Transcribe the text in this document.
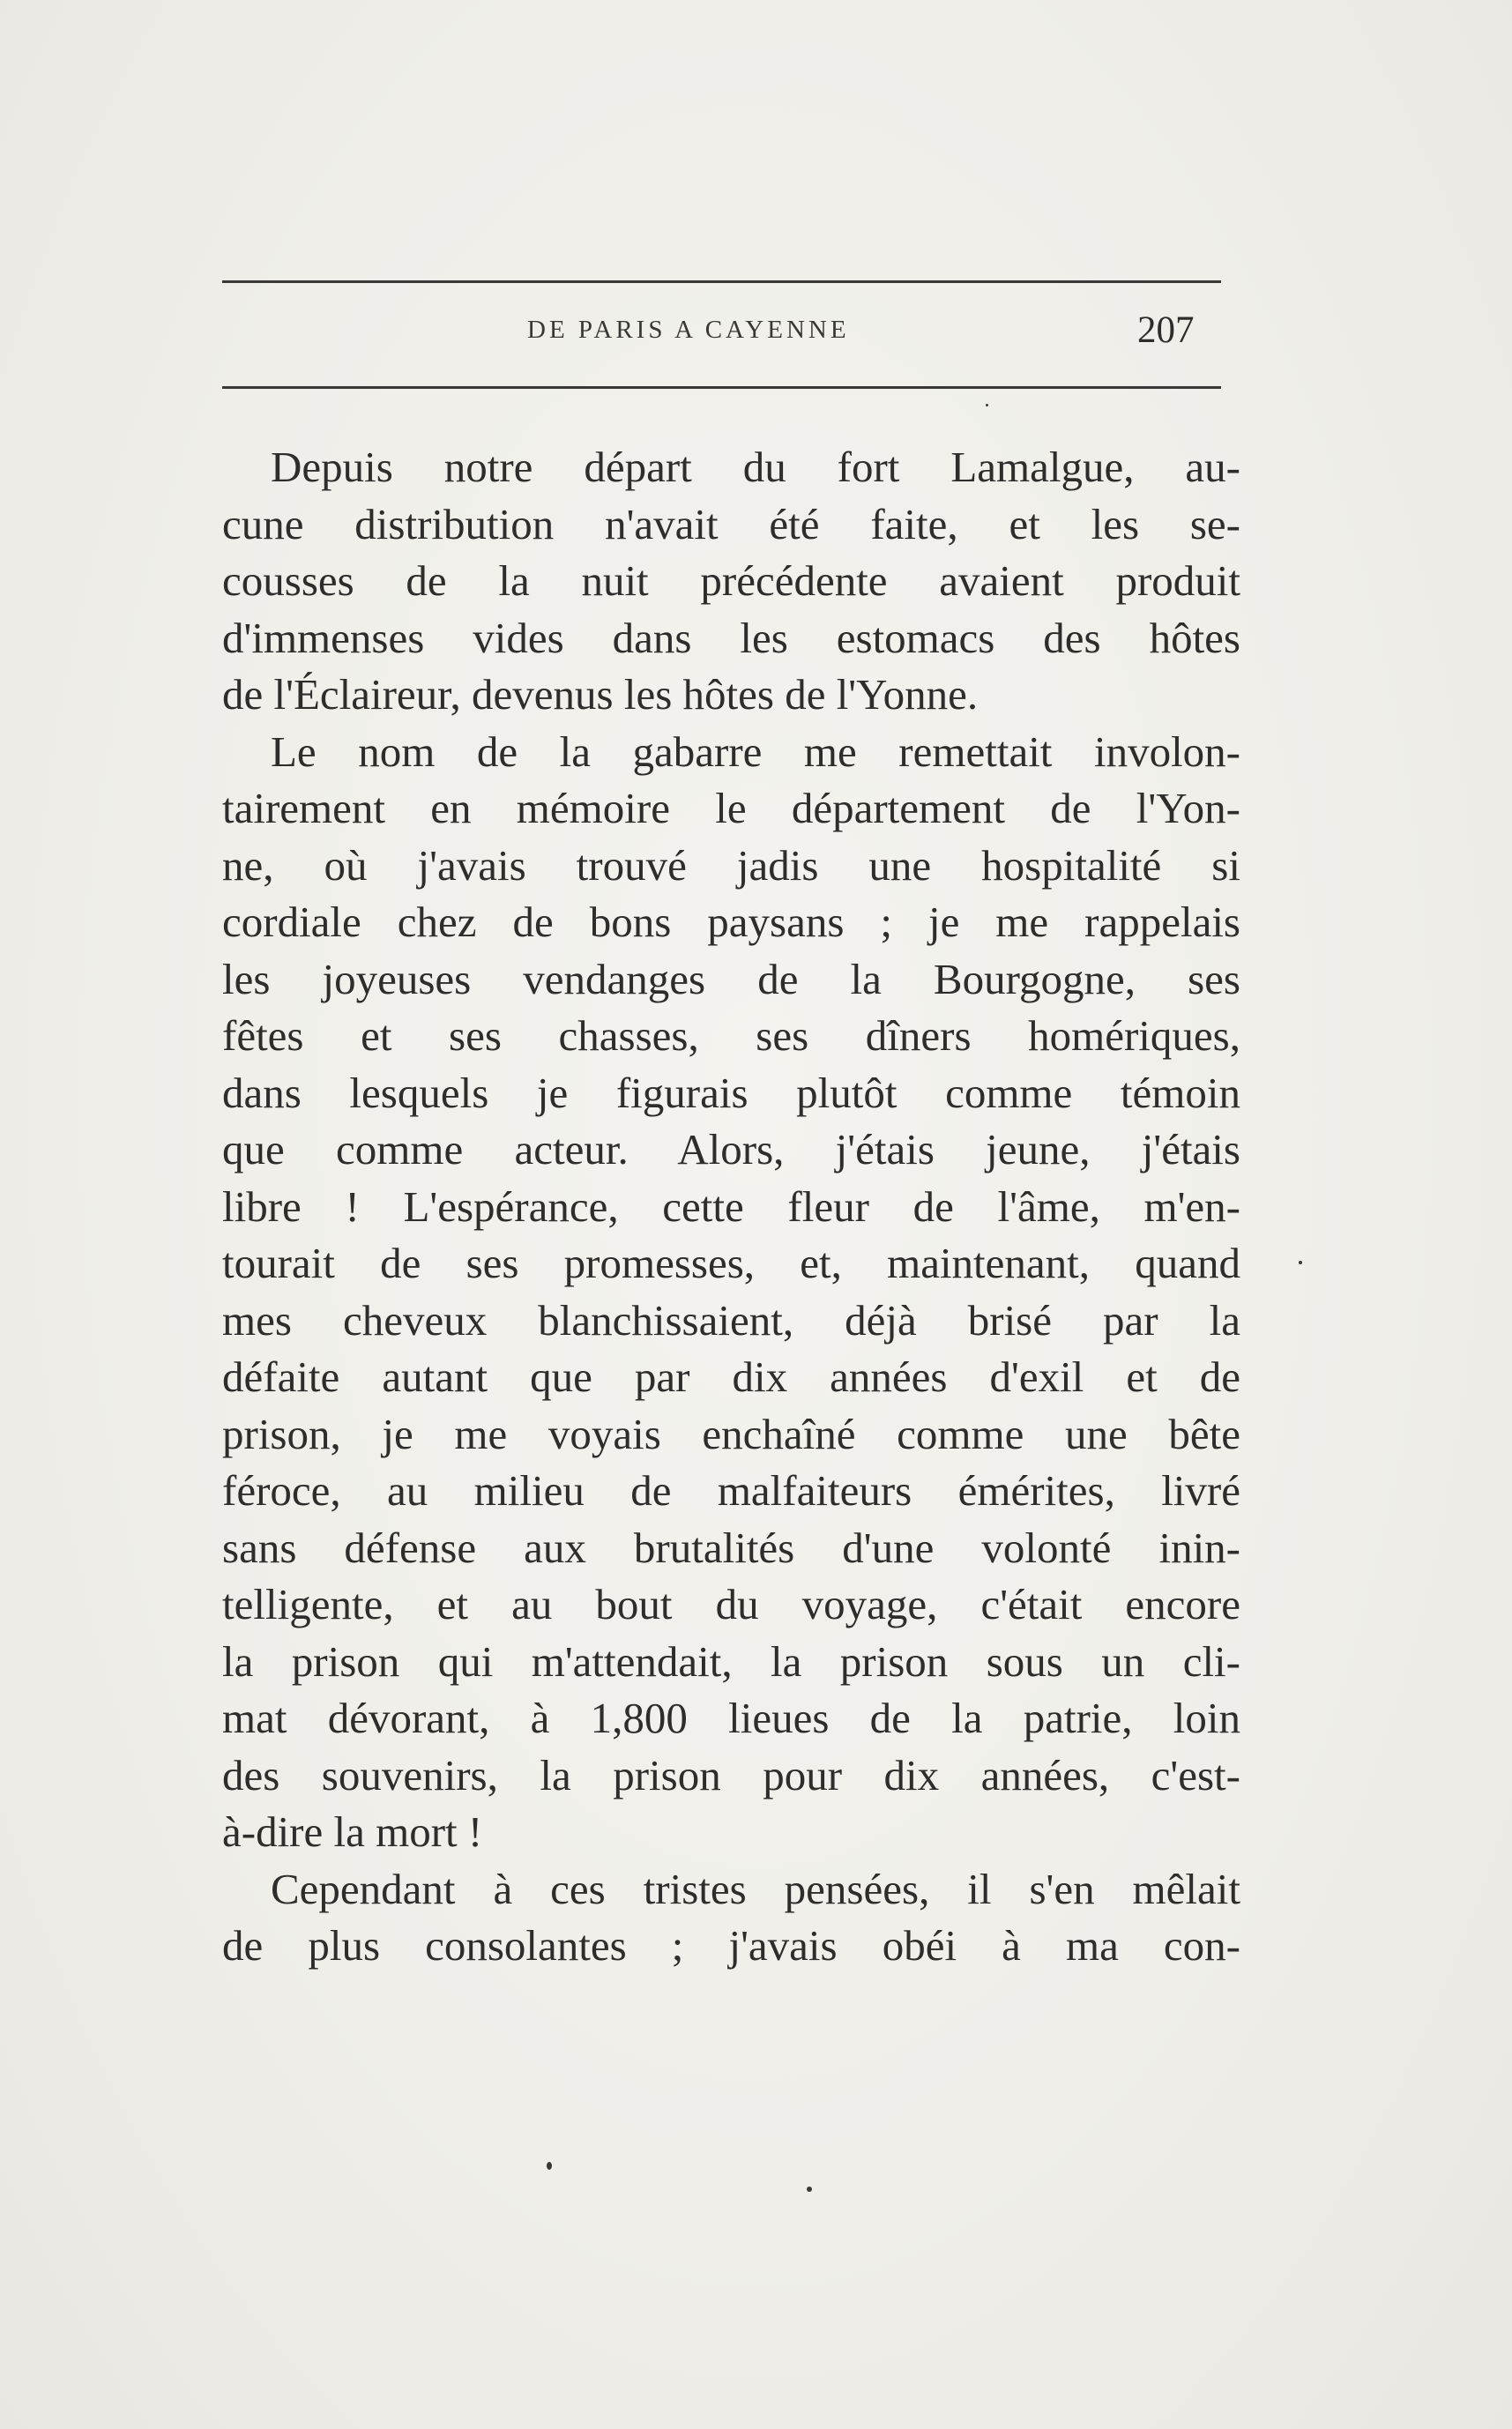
DE PARIS A CAYENNE	207
Depuis notre départ du fort Lamalgue, au-
cune distribution n'avait été faite, et les se-
cousses de la nuit précédente avaient produit
d'immenses vides dans les estomacs des hôtes
de l'Éclaireur, devenus les hôtes de l'Yonne.
Le nom de la gabarre me remettait involon-
tairement en mémoire le département de l'Yon-
ne, où j'avais trouvé jadis une hospitalité si
cordiale chez de bons paysans ; je me rappelais
les joyeuses vendanges de la Bourgogne, ses
fêtes et ses chasses, ses dîners homériques,
dans lesquels je figurais plutôt comme témoin
que comme acteur. Alors, j'étais jeune, j'étais
libre ! L'espérance, cette fleur de l'âme, m'en-
tourait de ses promesses, et, maintenant, quand
mes cheveux blanchissaient, déjà brisé par la
défaite autant que par dix années d'exil et de
prison, je me voyais enchaîné comme une bête
féroce, au milieu de malfaiteurs émérites, livré
sans défense aux brutalités d'une volonté inin-
telligente, et au bout du voyage, c'était encore
la prison qui m'attendait, la prison sous un cli-
mat dévorant, à 1,800 lieues de la patrie, loin
des souvenirs, la prison pour dix années, c'est-
à-dire la mort !
Cependant à ces tristes pensées, il s'en mêlait
de plus consolantes ; j'avais obéi à ma con-
